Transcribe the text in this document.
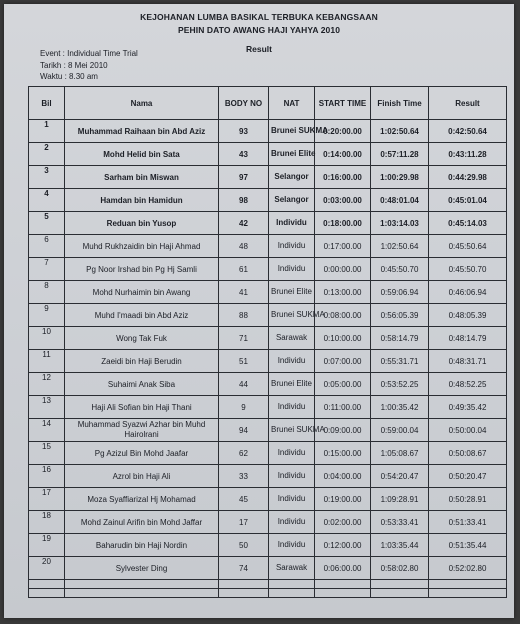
KEJOHANAN LUMBA BASIKAL TERBUKA KEBANGSAAN
PEHIN DATO AWANG HAJI YAHYA 2010
Result
Event : Individual Time Trial
Tarikh : 8 Mei 2010
Waktu : 8.30 am
Bil	Nama	BODY NO	NAT	START TIME	Finish Time	Result
1	Muhammad Raihaan bin Abd Aziz	93	Brunei SUKMA	0:20:00.00	1:02:50.64	0:42:50.64
2	Mohd Helid bin Sata	43	Brunei Elite	0:14:00.00	0:57:11.28	0:43:11.28
3	Sarham bin Miswan	97	Selangor	0:16:00.00	1:00:29.98	0:44:29.98
4	Hamdan bin Hamidun	98	Selangor	0:03:00.00	0:48:01.04	0:45:01.04
5	Reduan bin Yusop	42	Individu	0:18:00.00	1:03:14.03	0:45:14.03
6	Muhd Rukhzaidin bin Haji Ahmad	48	Individu	0:17:00.00	1:02:50.64	0:45:50.64
7	Pg Noor Irshad bin Pg Hj Samli	61	Individu	0:00:00.00	0:45:50.70	0:45:50.70
8	Mohd Nurhaimin bin Awang	41	Brunei Elite	0:13:00.00	0:59:06.94	0:46:06.94
9	Muhd I'maadi bin Abd Aziz	88	Brunei SUKMA	0:08:00.00	0:56:05.39	0:48:05.39
10	Wong Tak Fuk	71	Sarawak	0:10:00.00	0:58:14.79	0:48:14.79
11	Zaeidi bin Haji Berudin	51	Individu	0:07:00.00	0:55:31.71	0:48:31.71
12	Suhaimi Anak Siba	44	Brunei Elite	0:05:00.00	0:53:52.25	0:48:52.25
13	Haji Ali Sofian bin Haji Thani	9	Individu	0:11:00.00	1:00:35.42	0:49:35.42
14	Muhammad Syazwi Azhar bin Muhd Hairolrani	94	Brunei SUKMA	0:09:00.00	0:59:00.04	0:50:00.04
15	Pg Azizul Bin Mohd Jaafar	62	Individu	0:15:00.00	1:05:08.67	0:50:08.67
16	Azrol bin Haji Ali	33	Individu	0:04:00.00	0:54:20.47	0:50:20.47
17	Moza Syaffiarizal Hj Mohamad	45	Individu	0:19:00.00	1:09:28.91	0:50:28.91
18	Mohd Zainul Arifin bin Mohd Jaffar	17	Individu	0:02:00.00	0:53:33.41	0:51:33.41
19	Baharudin bin Haji Nordin	50	Individu	0:12:00.00	1:03:35.44	0:51:35.44
20	Sylvester Ding	74	Sarawak	0:06:00.00	0:58:02.80	0:52:02.80
